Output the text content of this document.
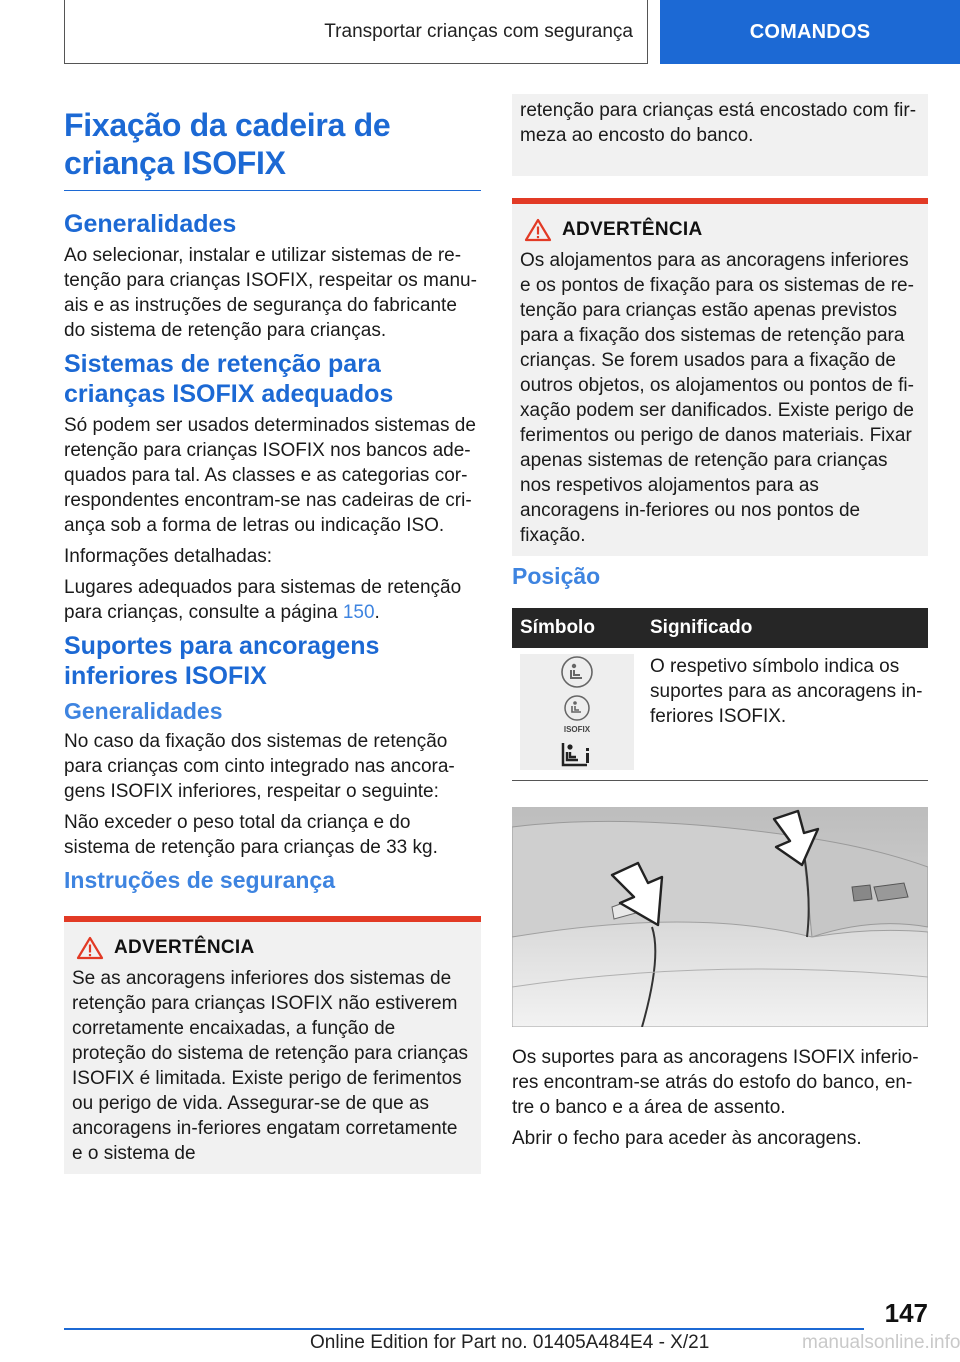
Transportar crianças com segurança	COMANDOS
Fixação da cadeira de criança ISOFIX
Generalidades

Ao selecionar, instalar e utilizar sistemas de re-tenção para crianças ISOFIX, respeitar os manu-ais e as instruções de segurança do fabricante do sistema de retenção para crianças.

Sistemas de retenção para crianças ISOFIX adequados

Só podem ser usados determinados sistemas de retenção para crianças ISOFIX nos bancos ade-quados para tal. As classes e as categorias cor-respondentes encontram-se nas cadeiras de cri-ança sob a forma de letras ou indicação ISO.

Informações detalhadas:

Lugares adequados para sistemas de retenção para crianças, consulte a página 150.

Suportes para ancoragens inferiores ISOFIX
Generalidades

No caso da fixação dos sistemas de retenção para crianças com cinto integrado nas ancora-gens ISOFIX inferiores, respeitar o seguinte:

Não exceder o peso total da criança e do sistema de retenção para crianças de 33 kg.

Instruções de segurança
ADVERTÊNCIA

Se as ancoragens inferiores dos sistemas de retenção para crianças ISOFIX não estiverem corretamente encaixadas, a função de proteção do sistema de retenção para crianças ISOFIX é limitada. Existe perigo de ferimentos ou perigo de vida. Assegurar-se de que as ancoragens in-feriores engatam corretamente e o sistema de

retenção para crianças está encostado com fir-meza ao encosto do banco.

ADVERTÊNCIA

Os alojamentos para as ancoragens inferiores e os pontos de fixação para os sistemas de re-tenção para crianças estão apenas previstos para a fixação dos sistemas de retenção para crianças. Se forem usados para a fixação de outros objetos, os alojamentos ou pontos de fi-xação podem ser danificados. Existe perigo de ferimentos ou perigo de danos materiais. Fixar apenas sistemas de retenção para crianças nos respetivos alojamentos para as ancoragens in-feriores ou nos pontos de fixação.

Posição
Símbolo	Significado

ISOFIX	O respetivo símbolo indica os suportes para as ancoragens in-feriores ISOFIX.

Os suportes para as ancoragens ISOFIX inferio-res encontram-se atrás do estofo do banco, en-tre o banco e a área de assento.

Abrir o fecho para aceder às ancoragens.

147
Online Edition for Part no. 01405A484E4 - X/21	manualsonline.info
